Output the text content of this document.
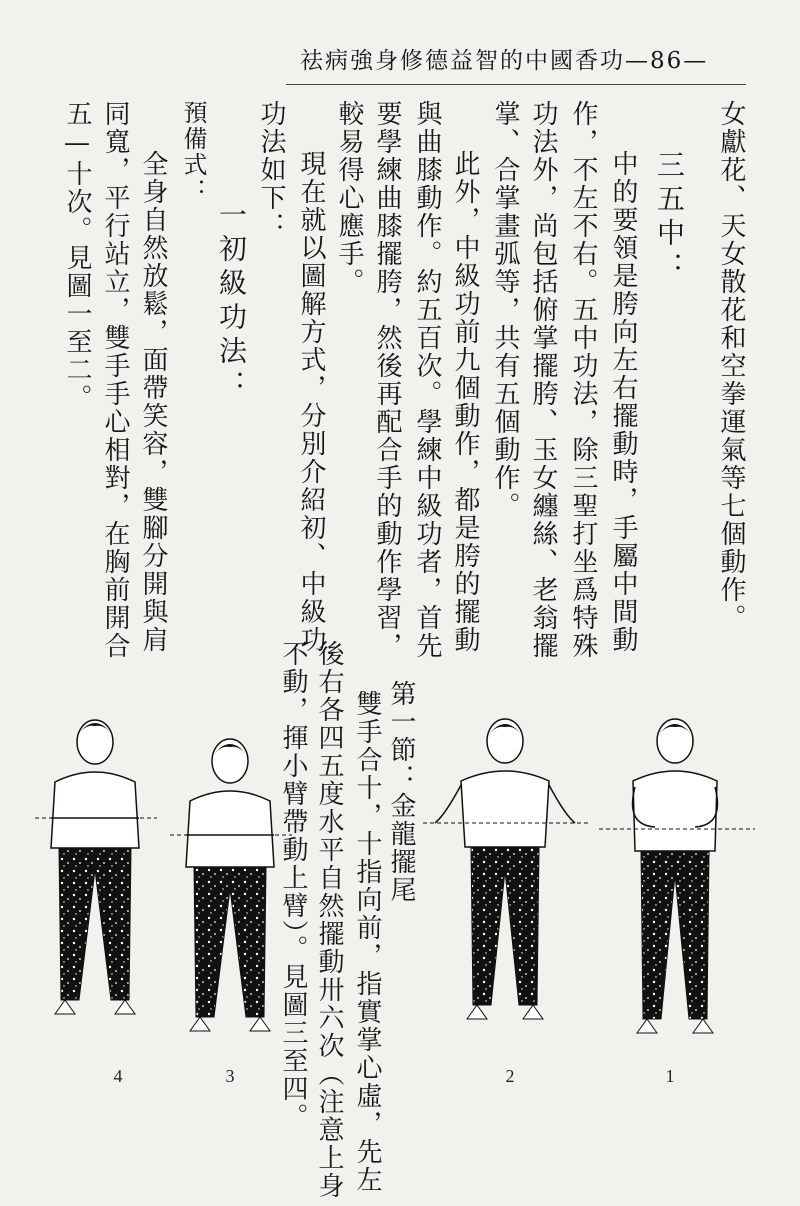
祛病強身修德益智的中國香功—86—
女獻花、天女散花和空拳運氣等七個動作。
三五中：
中的要領是胯向左右擺動時，手屬中間動
作，不左不右。五中功法，除三聖打坐爲特殊
功法外，尚包括俯掌擺胯、玉女纏絲、老翁擺
掌、合掌畫弧等，共有五個動作。
此外，中級功前九個動作，都是胯的擺動
與曲膝動作。約五百次。學練中級功者，首先
要學練曲膝擺胯，然後再配合手的動作學習，
較易得心應手。
現在就以圖解方式，分別介紹初、中級功
功法如下：
一初級功法：
預備式：
全身自然放鬆，面帶笑容，雙腳分開與肩
同寬，平行站立，雙手手心相對，在胸前開合
五—十次。見圖一至二。
第一節：金龍擺尾
雙手合十，十指向前，指實掌心虛，先左
後右各四五度水平自然擺動卅六次（注意上身
不動，揮小臂帶動上臂）。見圖三至四。
4	3	2	1
